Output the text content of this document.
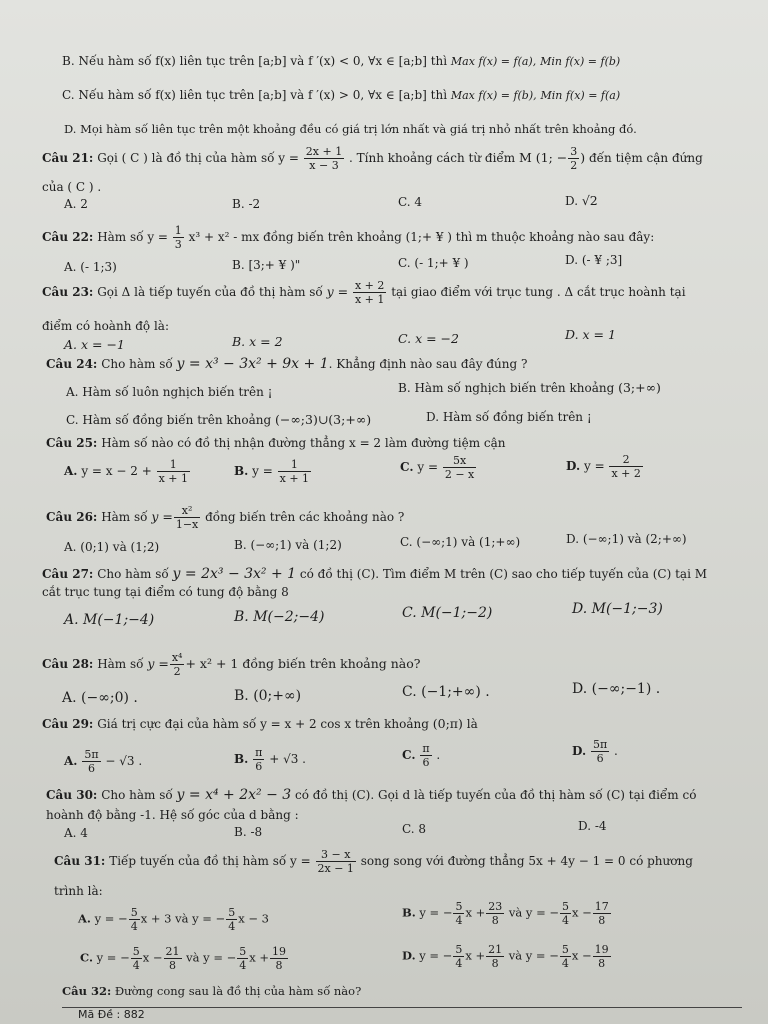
B. Nếu hàm số f(x) liên tục trên [a;b] và f ′(x) < 0, ∀x ∈ [a;b] thì Max f(x) = f(a), Min f(x) = f(b)
C. Nếu hàm số f(x) liên tục trên [a;b] và f ′(x) > 0, ∀x ∈ [a;b] thì Max f(x) = f(b), Min f(x) = f(a)
D. Mọi hàm số liên tục trên một khoảng đều có giá trị lớn nhất và giá trị nhỏ nhất trên khoảng đó.
Câu 21: Gọi ( C ) là đồ thị của hàm số $y = \frac{2x + 1}{x - 3}$ . Tính khoảng cách từ điểm M (1; − $\frac{3}{2}$ ) đến tiệm cận đứng
của ( C ) .
A. 2	B. -2	C. 4	D. √2
Câu 22: Hàm số $y = \frac{1}{3} x^3 + x^2$ - mx đồng biến trên khoảng (1;+ ¥ ) thì m thuộc khoảng nào sau đây:
A. (- 1;3)	B. [3;+ ¥ )"	C. (- 1;+ ¥ )	D. (- ¥ ;3]
Câu 23: Gọi Δ là tiếp tuyến của đồ thị hàm số $y = \frac{x + 2}{x + 1}$ tại giao điểm với trục tung . Δ cắt trục hoành tại
điểm có hoành độ là:
A. x = −1	B. x = 2	C. x = −2	D. x = 1
Câu 24: Cho hàm số y = x³ − 3x² + 9x + 1. Khẳng định nào sau đây đúng ?
A. Hàm số luôn nghịch biến trên ¡	B. Hàm số nghịch biến trên khoảng (3;+∞)
C. Hàm số đồng biến trên khoảng (−∞;3)∪(3;+∞)	D. Hàm số đồng biến trên ¡
Câu 25: Hàm số nào có đồ thị nhận đường thẳng x = 2 làm đường tiệm cận
A. $y = x - 2 + \frac{1}{x + 1}$	B. $y = \frac{1}{x + 1}$	C. $y = \frac{5x}{2 - x}$	D. $y = \frac{2}{x + 2}$
Câu 26: Hàm số $y = \frac{\text{x²}}{1-x}$ đồng biến trên các khoảng nào ?
A. (0;1) và (1;2)	B. (−∞;1) và (1;2)	C. (−∞;1) và (1;+∞)	D. (−∞;1) và (2;+∞)
Câu 27: Cho hàm số y = 2x³ − 3x² + 1 có đồ thị (C). Tìm điểm M trên (C) sao cho tiếp tuyến của (C) tại M
cắt trục tung tại điểm có tung độ bằng 8
A. M(−1;−4)	B. M(−2;−4)	C. M(−1;−2)	D. M(−1;−3)
Câu 28: Hàm số $y = \frac{\text{x⁴}}{2} + x^2 + 1$ đồng biến trên khoảng nào?
A. (−∞;0) .	B. (0;+∞)	C. (−1;+∞) .	D. (−∞;−1) .
Câu 29: Giá trị cực đại của hàm số y = x + 2 cos x trên khoảng (0;π) là
A. $\frac{5\pi}{6} - √3$ .	B. $\frac{\pi}{6} + √3$ .	C. $\frac{\pi}{6}$ .	D. $\frac{5\pi}{6}$ .
Câu 30: Cho hàm số y = x⁴ + 2x² − 3 có đồ thị (C). Gọi d là tiếp tuyến của đồ thị hàm số (C) tại điểm có
hoành độ bằng -1. Hệ số góc của d bằng :
A. 4	B. -8	C. 8	D. -4
Câu 31: Tiếp tuyến của đồ thị hàm số $y = \frac{3 - x}{2x - 1}$ song song với đường thẳng 5x + 4y − 1 = 0 có phương
trình là:
A. y = − $\frac{5}{4}$ x + 3 và y = − $\frac{5}{4}$ x − 3	B. y = − $\frac{5}{4}$ $x + \frac{23}{8}$ và y = − $\frac{5}{4}$ $x - \frac{17}{8}$
C. y = − $\frac{5}{4}$ $x - \frac{21}{8}$ và y = − $\frac{5}{4}$ $x + \frac{19}{8}$	D. y = − $\frac{5}{4}$ $x + \frac{21}{8}$ và y = − $\frac{5}{4}$ $x - \frac{19}{8}$
Câu 32: Đường cong sau là đồ thị của hàm số nào?
Mã Đề : 882
